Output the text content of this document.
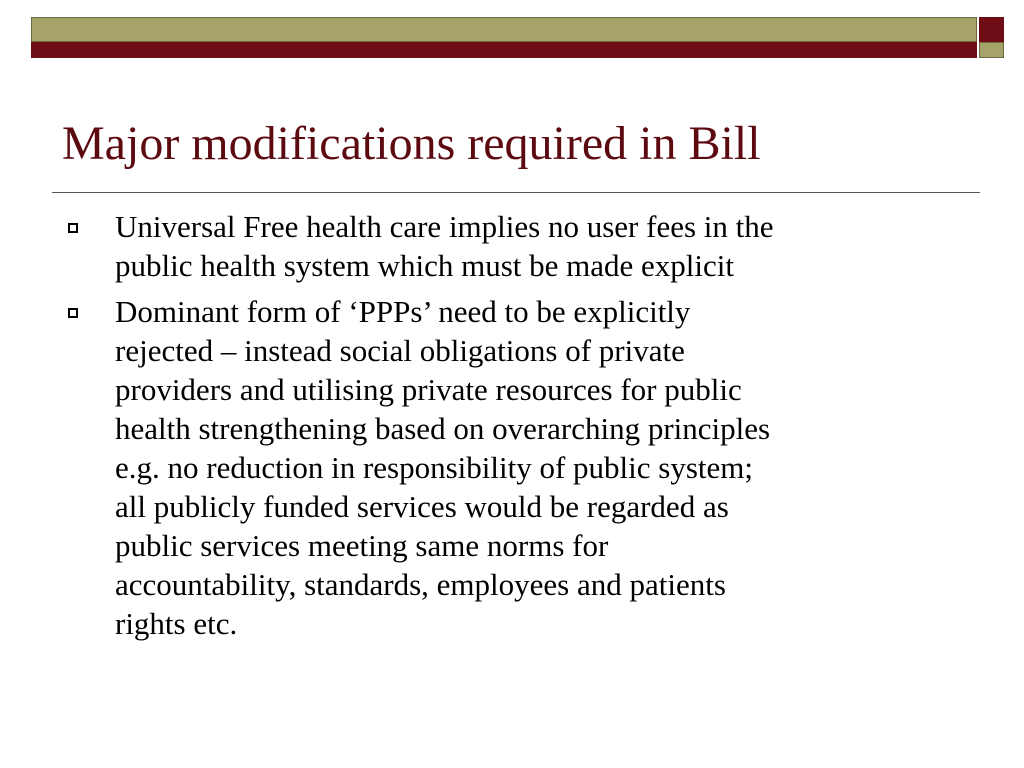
Major modifications required in Bill
Universal Free health care implies no user fees in the
public health system which must be made explicit
Dominant form of ‘PPPs’ need to be explicitly
rejected – instead social obligations of private
providers and utilising private resources for public
health strengthening based on overarching principles
e.g. no reduction in responsibility of public system;
all publicly funded services would be regarded as
public services meeting same norms for
accountability, standards, employees and patients
rights etc.
